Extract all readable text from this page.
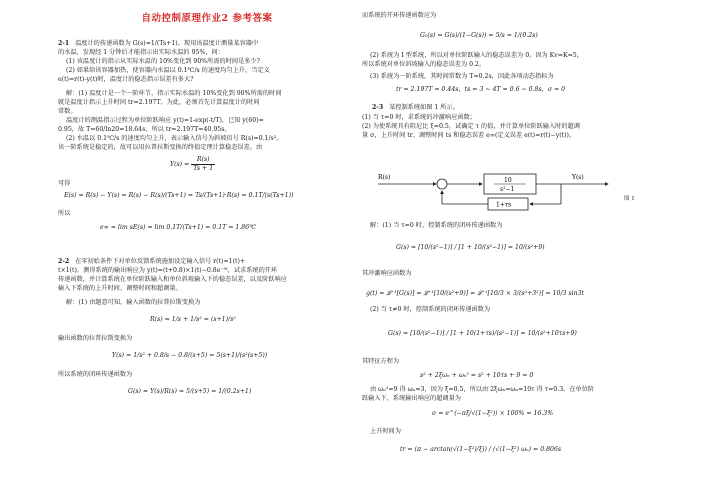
自动控制原理作业2 参考答案

2-1 温度计的传递函数为 G(s)=1/(Ts+1)。现用该温度计测量某容器中

的水温，发现经 1 分钟后才能指示出实际水温的 95%，问：

(1) 该温度计的指示从实际水温的 10%变化到 90%所需的时间是多少?

(2) 如果给该容器加热，使容器内水温以 0.1℃/s 的速度均匀上升，当定义

e(t)=r(t)-y(t)时，温度计的稳态指示误差有多大?

解：(1) 温度计是一个一阶环节，指示实际水温的 10%变化到 90%所需的时间

就是温度计指示上升时间 tr=2.197T。为此，必须首先计算温度计的时间

常数。

温度计的测温指示过程为单位阶跃响应 y(t)=1-exp(-t/T)，已知 y(60)=

0.95，故 T=60/ln20=18.64s，所以 tr=2.197T=40.95s。

(2) 水温以 0.1℃/s 的速度均匀上升，表示输入信号为斜坡信号 R(s)=0.1/s²。

该一阶系统是稳定的，故可以用拉普拉斯变换的终值定理计算稳态误差。由

$Y(s) = \frac{R(s)}{Ts + 1}$

可得

E(s) = R(s) − Y(s) = R(s) − R(s)/(Ts+1) = Ts/(Ts+1)·R(s) = 0.1T/(s(Ts+1))

所以

e∞ = lim sE(s) = lim 0.1T/(Ts+1) = 0.1T = 1.86℃

2-2 在零初始条件下对单位反馈系统施加设定输入信号 r(t)=1(t)+

t×1(t)，测得系统的输出响应为 y(t)=(t+0.8)×1(t)−0.8e⁻⁵ᵗ，试求系统的开环

传递函数，并计算系统在单位阶跃输入和单位斜坡输入下的稳态误差，以及阶跃响应

输入下系统的上升时间、调整时间和超调量。

解：(1) 由题意可知，输入函数的拉普拉斯变换为

R(s) = 1/s + 1/s² = (s+1)/s²

输出函数的拉普拉斯变换为

Y(s) = 1/s² + 0.8/s − 0.8/(s+5) = 5(s+1)/(s²(s+5))

所以系统的闭环传递函数为

G(s) = Y(s)/R(s) = 5/(s+5) = 1/(0.2s+1)

而系统的开环传递函数应为

G₀(s) = G(s)/(1−G(s)) = 5/s = 1/(0.2s)

(2) 系统为 I 型系统，所以对单位阶跃输入的稳态误差为 0。因为 Kv=K=5，

所以系统对单位斜坡输入的稳态误差为 0.2。

(3) 系统为一阶系统，其时间常数为 T=0.2s，因此各项动态指标为

tr = 2.197T = 0.44s，ts = 3 ~ 4T = 0.6 ~ 0.8s，σ = 0

2-3 某控制系统如图 1 所示。

(1) 当 τ=0 时，求系统的冲激响应函数；

(2) 为使系统具有阻尼比 ξ=0.5，试确定 τ 的值，并计算单位阶跃输入时的超调

量 σ，上升时间 tr、调整时间 ts 和稳态误差 e∞(定义误差 e(t)=r(t)−y(t))。

R(s)	10
s²−1
Y(s)
1+τs
图 1

解：(1) 当 τ=0 时，控制系统的闭环传递函数为

G(s) = [10/(s²−1)] / [1 + 10/(s²−1)] = 10/(s²+9)

其冲激响应函数为

g(t) = 𝓛⁻¹[G(s)] = 𝓛⁻¹[10/(s²+9)] = 𝓛⁻¹[10/3 × 3/(s²+3²)] = 10/3 sin3t

(2) 当 τ≠0 时，控制系统的闭环传递函数为

G(s) = [10/(s²−1)] / [1 + 10(1+τs)/(s²−1)] = 10/(s²+10τs+9)

其特征方程为

s² + 2ξωₙ + ωₙ² = s² + 10τs + 9 = 0

由 ωₙ²=9 得 ωₙ=3，因为 ξ=0.5，所以由 2ξωₙ=ωₙ=10τ 得 τ=0.3。在单位阶

跃输入下，系统输出响应的超调量为

σ = e^(−πξ/√(1−ξ²)) × 100% = 16.3%

上升时间为

tr = (π − arctan(√(1−ξ²)/ξ)) / (√(1−ξ²) ωₙ) = 0.806s
